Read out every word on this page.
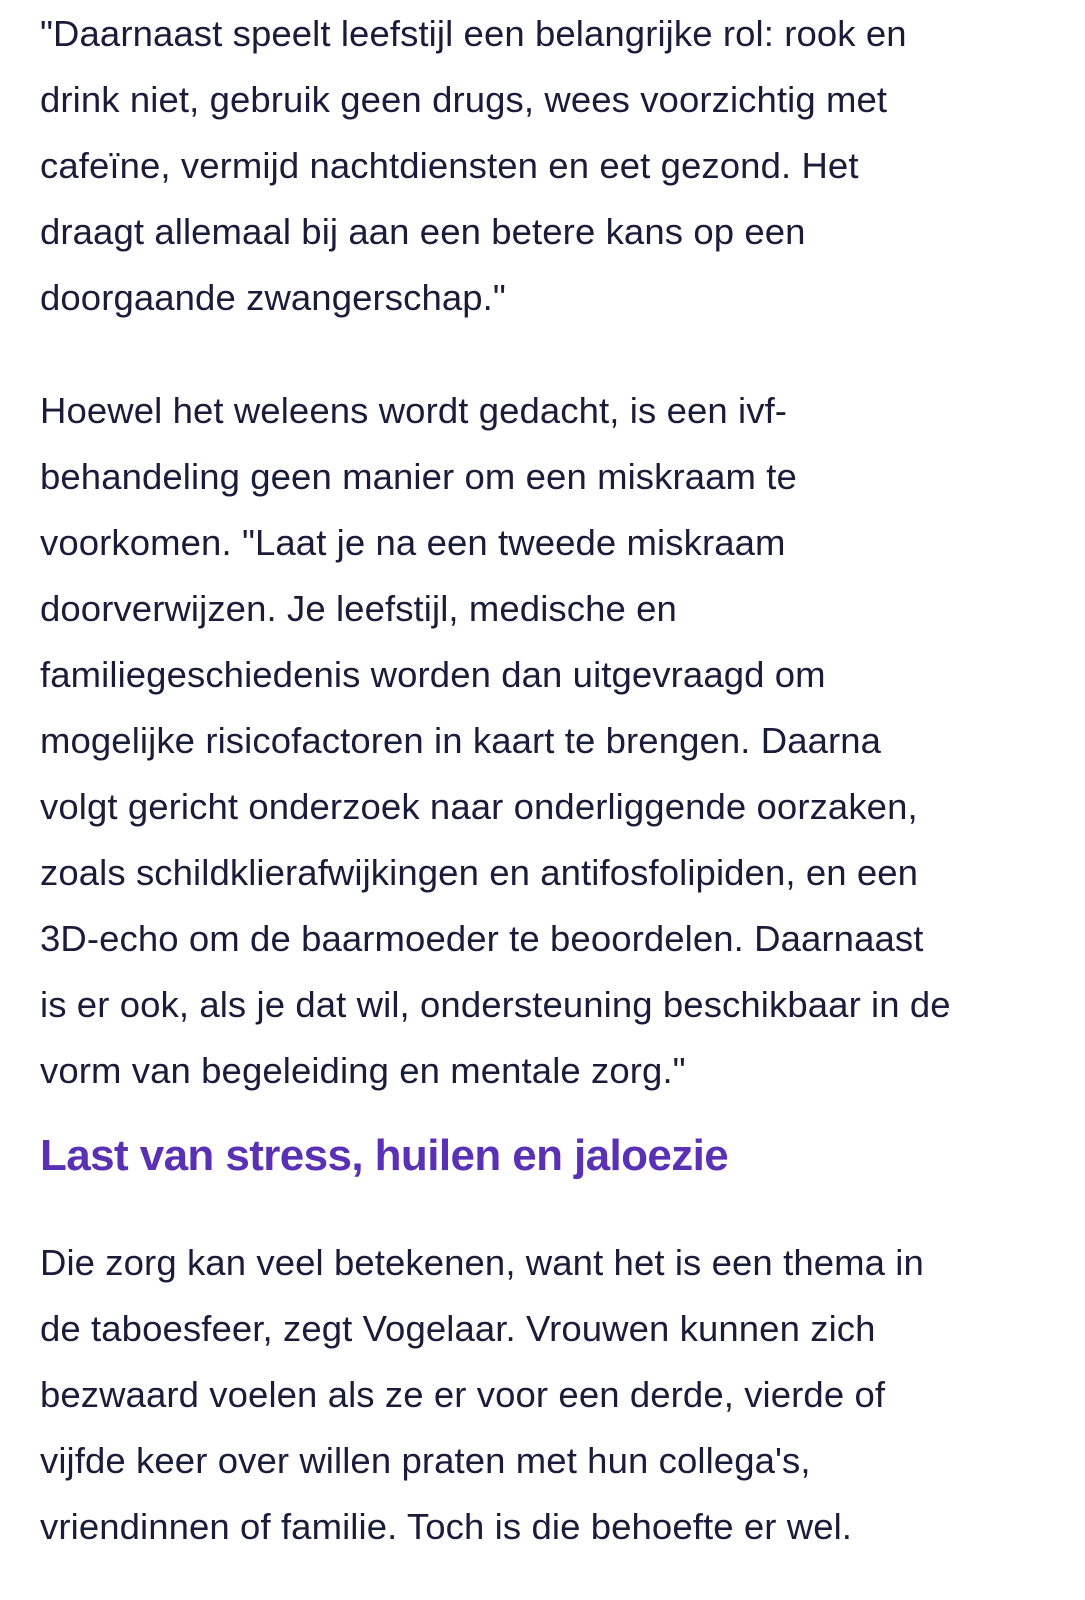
"Daarnaast speelt leefstijl een belangrijke rol: rook en
drink niet, gebruik geen drugs, wees voorzichtig met
cafeïne, vermijd nachtdiensten en eet gezond. Het
draagt allemaal bij aan een betere kans op een
doorgaande zwangerschap."

Hoewel het weleens wordt gedacht, is een ivf-
behandeling geen manier om een miskraam te
voorkomen. "Laat je na een tweede miskraam
doorverwijzen. Je leefstijl, medische en
familiegeschiedenis worden dan uitgevraagd om
mogelijke risicofactoren in kaart te brengen. Daarna
volgt gericht onderzoek naar onderliggende oorzaken,
zoals schildklierafwijkingen en antifosfolipiden, en een
3D-echo om de baarmoeder te beoordelen. Daarnaast
is er ook, als je dat wil, ondersteuning beschikbaar in de
vorm van begeleiding en mentale zorg."

Last van stress, huilen en jaloezie

Die zorg kan veel betekenen, want het is een thema in
de taboesfeer, zegt Vogelaar. Vrouwen kunnen zich
bezwaard voelen als ze er voor een derde, vierde of
vijfde keer over willen praten met hun collega's,
vriendinnen of familie. Toch is die behoefte er wel.
